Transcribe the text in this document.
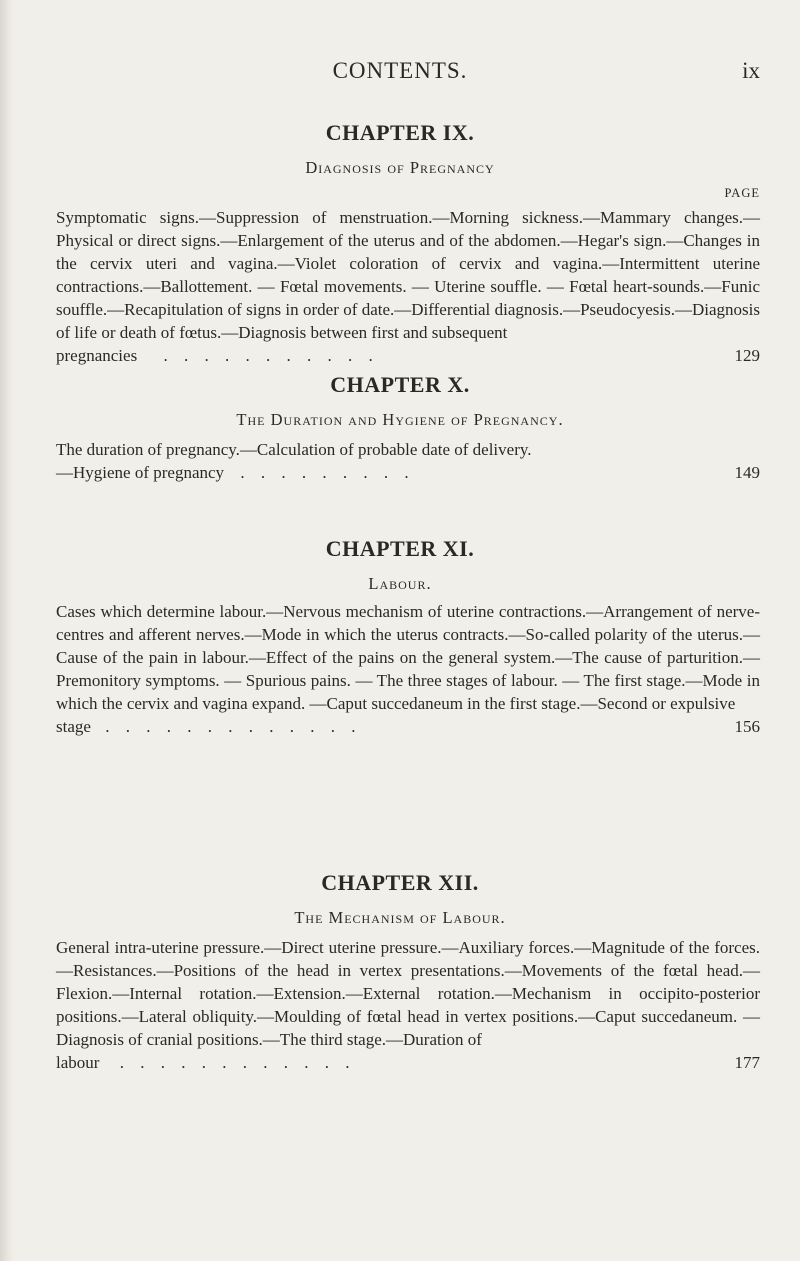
CONTENTS.	ix
CHAPTER IX.
Diagnosis of Pregnancy
PAGE
Symptomatic signs.—Suppression of menstruation.—Morning sickness.—Mammary changes.—Physical or direct signs.—Enlargement of the uterus and of the abdomen.—Hegar's sign.—Changes in the cervix uteri and vagina.—Violet coloration of cervix and vagina.—Intermittent uterine contractions.—Ballottement. — Fœtal movements. — Uterine souffle. — Fœtal heart-sounds.—Funic souffle.—Recapitulation of signs in order of date.—Differential diagnosis.—Pseudocyesis.—Diagnosis of life or death of fœtus.—Diagnosis between first and subsequent
pregnancies . . . . . . . . . . .	129
CHAPTER X.
The Duration and Hygiene of Pregnancy.
The duration of pregnancy.—Calculation of probable date of delivery.
—Hygiene of pregnancy . . . . . . . . .	149
CHAPTER XI.
Labour.
Cases which determine labour.—Nervous mechanism of uterine contractions.—Arrangement of nerve-centres and afferent nerves.—Mode in which the uterus contracts.—So-called polarity of the uterus.—Cause of the pain in labour.—Effect of the pains on the general system.—The cause of parturition.—Premonitory symptoms. — Spurious pains. — The three stages of labour. — The first stage.—Mode in which the cervix and vagina expand. —Caput succedaneum in the first stage.—Second or expulsive
stage . . . . . . . . . . . . .	156
CHAPTER XII.
The Mechanism of Labour.
General intra-uterine pressure.—Direct uterine pressure.—Auxiliary forces.—Magnitude of the forces.—Resistances.—Positions of the head in vertex presentations.—Movements of the fœtal head.—Flexion.—Internal rotation.—Extension.—External rotation.—Mechanism in occipito-posterior positions.—Lateral obliquity.—Moulding of fœtal head in vertex positions.—Caput succedaneum. —Diagnosis of cranial positions.—The third stage.—Duration of
labour . . . . . . . . . . . .	177
